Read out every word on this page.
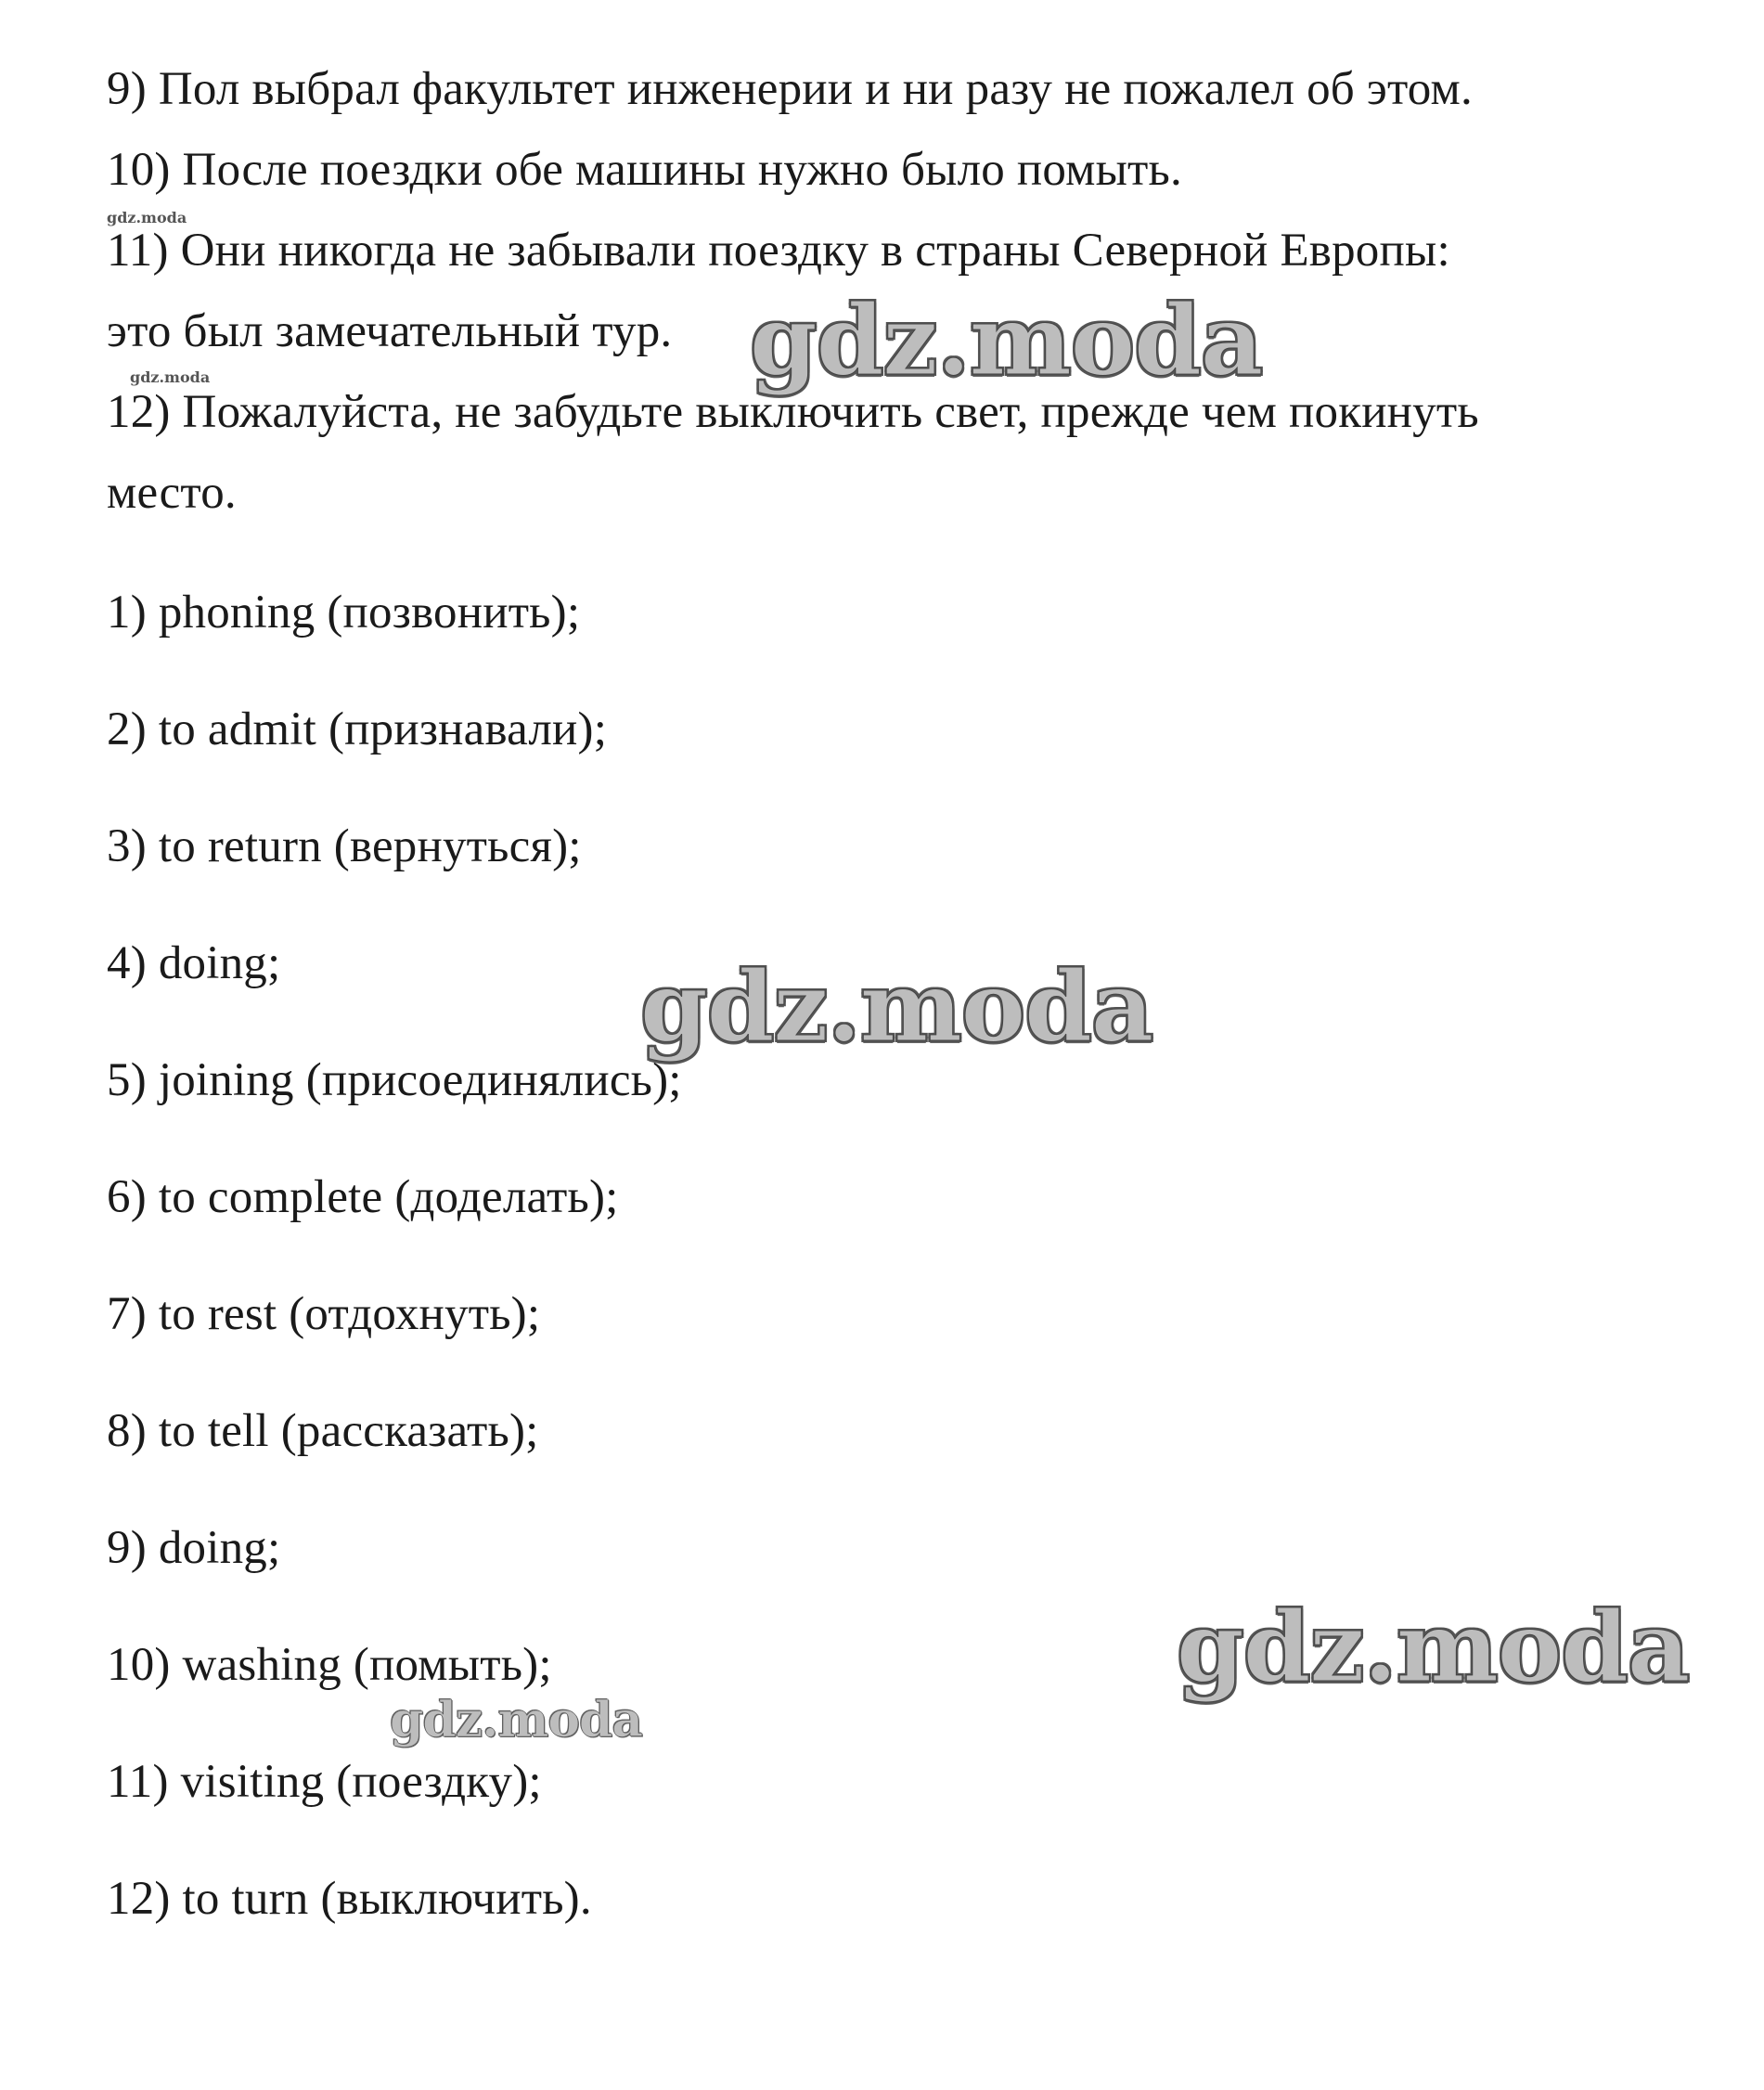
9) Пол выбрал факультет инженерии и ни разу не пожалел об этом.
10) После поездки обе машины нужно было помыть.
11) Они никогда не забывали поездку в страны Северной Европы:
это был замечательный тур.
12) Пожалуйста, не забудьте выключить свет, прежде чем покинуть
место.
1) phoning (позвонить);
2) to admit (признавали);
3) to return (вернуться);
4) doing;
5) joining (присоединялись);
6) to complete (доделать);
7) to rest (отдохнуть);
8) to tell (рассказать);
9) doing;
10) washing (помыть);
11) visiting (поездку);
12) to turn (выключить).
gdz.moda
gdz.moda	gdz.moda
gdz.moda
gdz.moda
gdz.moda
